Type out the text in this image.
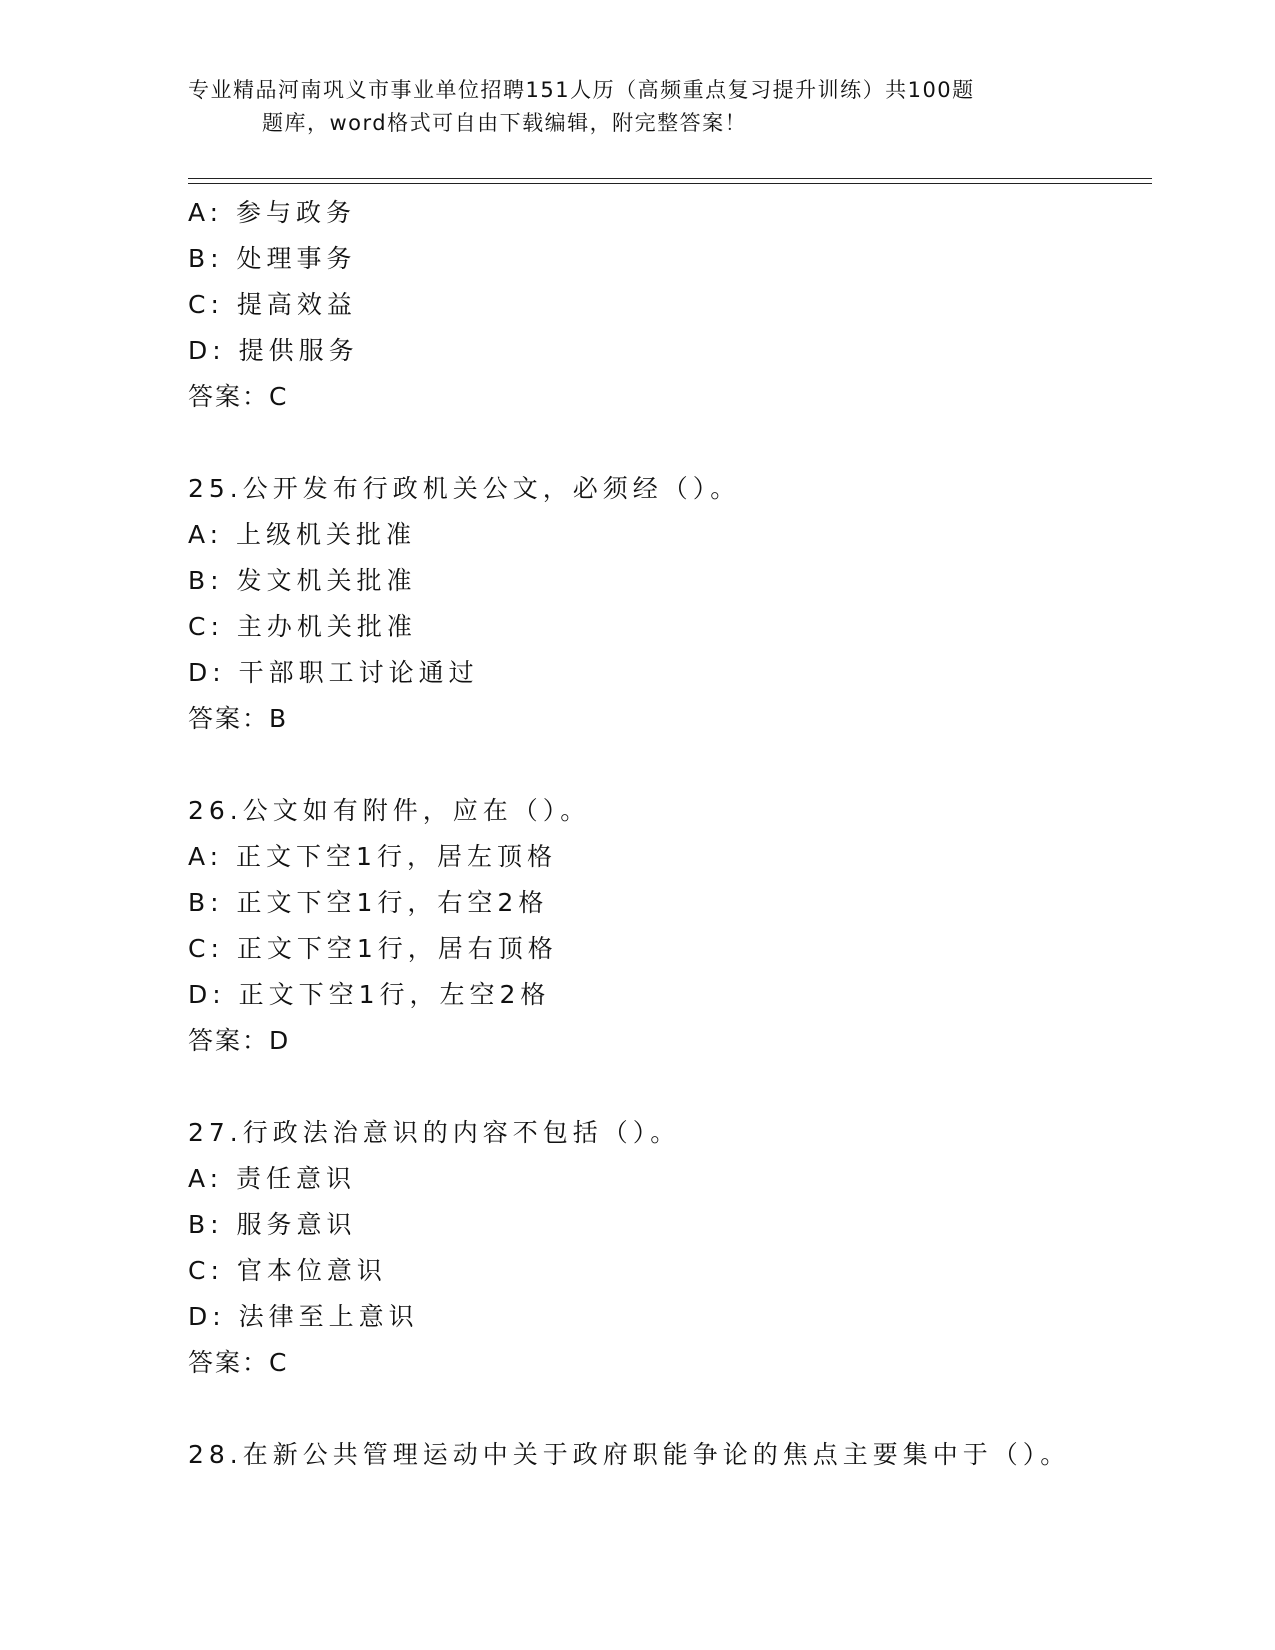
专业精品河南巩义市事业单位招聘151人历（高频重点复习提升训练）共100题
题库，word格式可自由下载编辑，附完整答案！
A: 参与政务
B: 处理事务
C: 提高效益
D: 提供服务
答案：C
25.公开发布行政机关公文，必须经（）。
A: 上级机关批准
B: 发文机关批准
C: 主办机关批准
D: 干部职工讨论通过
答案：B
26.公文如有附件，应在（）。
A: 正文下空1行，居左顶格
B: 正文下空1行，右空2格
C: 正文下空1行，居右顶格
D: 正文下空1行，左空2格
答案：D
27.行政法治意识的内容不包括（）。
A: 责任意识
B: 服务意识
C: 官本位意识
D: 法律至上意识
答案：C
28.在新公共管理运动中关于政府职能争论的焦点主要集中于（）。
